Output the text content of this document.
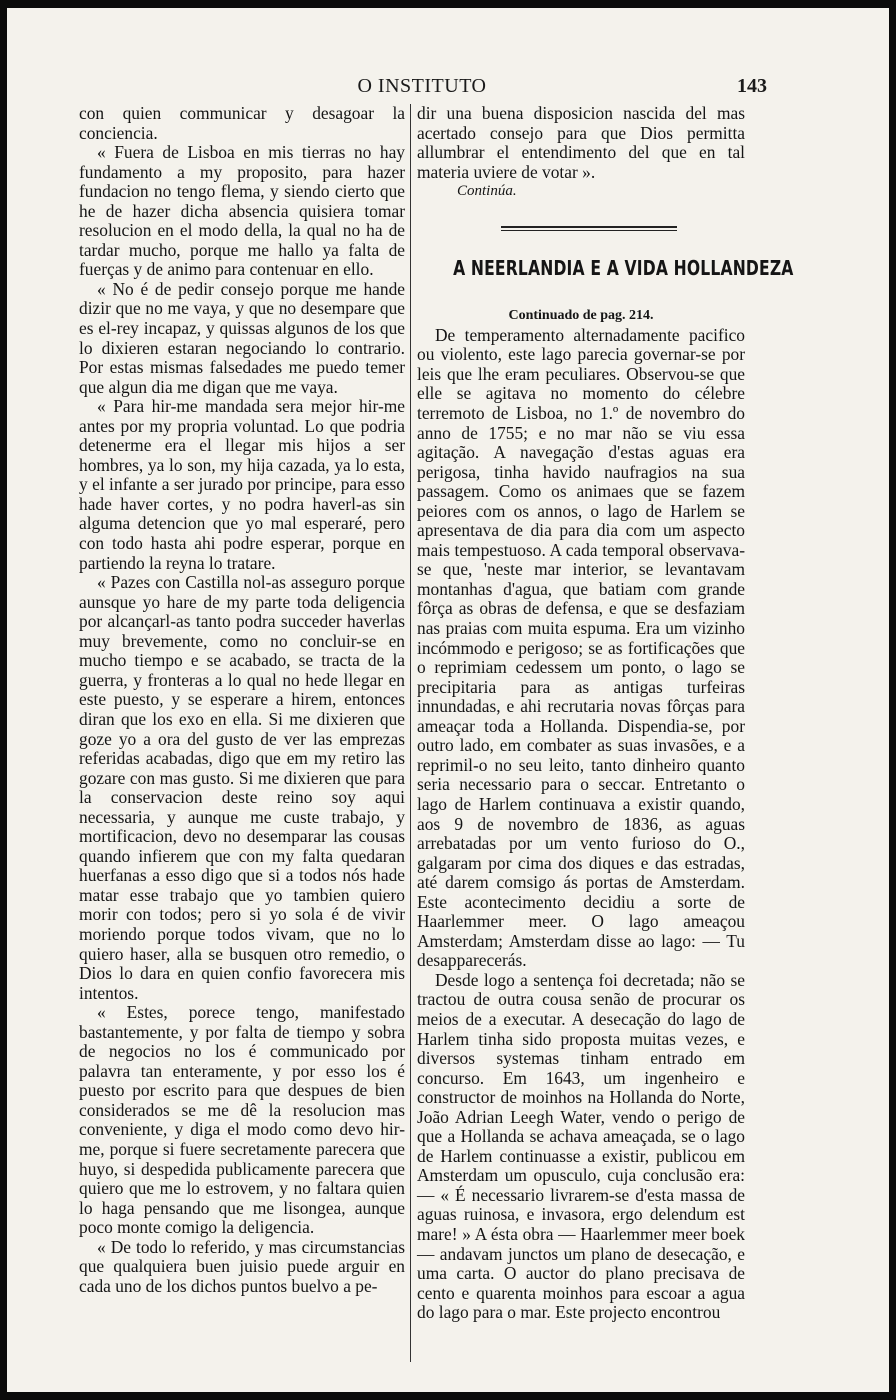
O INSTITUTO	143

con quien communicar y desagoar la conciencia.

« Fuera de Lisboa en mis tierras no hay fundamento a my proposito, para hazer fundacion no tengo flema, y siendo cierto que he de hazer dicha absencia quisiera tomar resolucion en el modo della, la qual no ha de tardar mucho, porque me hallo ya falta de fuerças y de animo para contenuar en ello.

« No é de pedir consejo porque me hande dizir que no me vaya, y que no desempare que es el-rey incapaz, y quissas algunos de los que lo dixieren estaran negociando lo contrario. Por estas mismas falsedades me puedo temer que algun dia me digan que me vaya.

« Para hir-me mandada sera mejor hir-me antes por my propria voluntad. Lo que podria detenerme era el llegar mis hijos a ser hombres, ya lo son, my hija cazada, ya lo esta, y el infante a ser jurado por principe, para esso hade haver cortes, y no podra haverl-as sin alguma detencion que yo mal esperaré, pero con todo hasta ahi podre esperar, porque en partiendo la reyna lo tratare.

« Pazes con Castilla nol-as asseguro porque aunsque yo hare de my parte toda deligencia por alcançarl-as tanto podra succeder haverlas muy brevemente, como no concluir-se en mucho tiempo e se acabado, se tracta de la guerra, y fronteras a lo qual no hede llegar en este puesto, y se esperare a hirem, entonces diran que los exo en ella. Si me dixieren que goze yo a ora del gusto de ver las emprezas referidas acabadas, digo que em my retiro las gozare con mas gusto. Si me dixieren que para la conservacion deste reino soy aqui necessaria, y aunque me custe trabajo, y mortificacion, devo no desemparar las cousas quando infierem que con my falta quedaran huerfanas a esso digo que si a todos nós hade matar esse trabajo que yo tambien quiero morir con todos; pero si yo sola é de vivir moriendo porque todos vivam, que no lo quiero haser, alla se busquen otro remedio, o Dios lo dara en quien confio favorecera mis intentos.

« Estes, porece tengo, manifestado bastantemente, y por falta de tiempo y sobra de negocios no los é communicado por palavra tan enteramente, y por esso los é puesto por escrito para que despues de bien considerados se me dê la resolucion mas conveniente, y diga el modo como devo hir-me, porque si fuere secretamente parecera que huyo, si despedida publicamente parecera que quiero que me lo estrovem, y no faltara quien lo haga pensando que me lisongea, aunque poco monte comigo la deligencia.

« De todo lo referido, y mas circumstancias que qualquiera buen juisio puede arguir en cada uno de los dichos puntos buelvo a pe-

dir una buena disposicion nascida del mas acertado consejo para que Dios permitta allumbrar el entendimento del que en tal materia uviere de votar ».

Continúa.

A NEERLANDIA E A VIDA HOLLANDEZA

Continuado de pag. 214.

De temperamento alternadamente pacifico ou violento, este lago parecia governar-se por leis que lhe eram peculiares. Observou-se que elle se agitava no momento do célebre terremoto de Lisboa, no 1.º de novembro do anno de 1755; e no mar não se viu essa agitação. A navegação d'estas aguas era perigosa, tinha havido naufragios na sua passagem. Como os animaes que se fazem peiores com os annos, o lago de Harlem se apresentava de dia para dia com um aspecto mais tempestuoso. A cada temporal observava-se que, 'neste mar interior, se levantavam montanhas d'agua, que batiam com grande fôrça as obras de defensa, e que se desfaziam nas praias com muita espuma. Era um vizinho incómmodo e perigoso; se as fortificações que o reprimiam cedessem um ponto, o lago se precipitaria para as antigas turfeiras innundadas, e ahi recrutaria novas fôrças para ameaçar toda a Hollanda. Dispendia-se, por outro lado, em combater as suas invasões, e a reprimil-o no seu leito, tanto dinheiro quanto seria necessario para o seccar. Entretanto o lago de Harlem continuava a existir quando, aos 9 de novembro de 1836, as aguas arrebatadas por um vento furioso do O., galgaram por cima dos diques e das estradas, até darem comsigo ás portas de Amsterdam. Este acontecimento decidiu a sorte de Haarlemmer meer. O lago ameaçou Amsterdam; Amsterdam disse ao lago: — Tu desapparecerás.

Desde logo a sentença foi decretada; não se tractou de outra cousa senão de procurar os meios de a executar. A desecação do lago de Harlem tinha sido proposta muitas vezes, e diversos systemas tinham entrado em concurso. Em 1643, um ingenheiro e constructor de moinhos na Hollanda do Norte, João Adrian Leegh Water, vendo o perigo de que a Hollanda se achava ameaçada, se o lago de Harlem continuasse a existir, publicou em Amsterdam um opusculo, cuja conclusão era: — « É necessario livrarem-se d'esta massa de aguas ruinosa, e invasora, ergo delendum est mare! » A ésta obra — Haarlemmer meer boek — andavam junctos um plano de desecação, e uma carta. O auctor do plano precisava de cento e quarenta moinhos para escoar a agua do lago para o mar. Este projecto encontrou
